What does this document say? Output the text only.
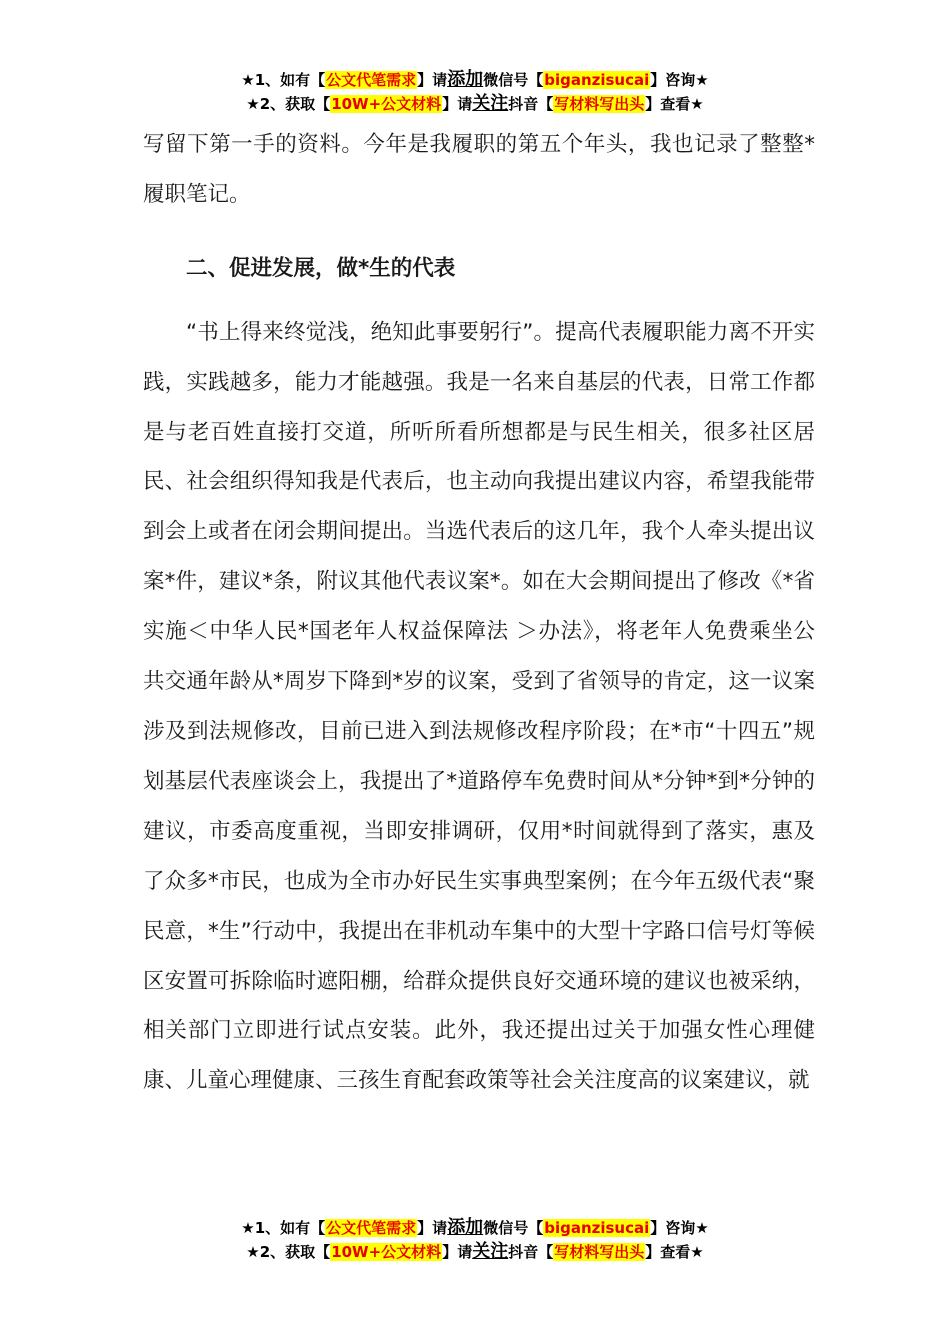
★1、如有【公文代笔需求】请添加微信号【biganzisucai】咨询★
★2、获取【10W+公文材料】请关注抖音【写材料写出头】查看★

写留下第一手的资料。今年是我履职的第五个年头，我也记录了整整*履职笔记。

二、促进发展，做*生的代表

“书上得来终觉浅，绝知此事要躬行”。提高代表履职能力离不开实践，实践越多，能力才能越强。我是一名来自基层的代表，日常工作都是与老百姓直接打交道，所听所看所想都是与民生相关，很多社区居民、社会组织得知我是代表后，也主动向我提出建议内容，希望我能带到会上或者在闭会期间提出。当选代表后的这几年，我个人牵头提出议案*件，建议*条，附议其他代表议案*。如在大会期间提出了修改《*省实施＜中华人民*国老年人权益保障法 ＞办法》，将老年人免费乘坐公共交通年龄从*周岁下降到*岁的议案，受到了省领导的肯定，这一议案涉及到法规修改，目前已进入到法规修改程序阶段；在*市“十四五”规划基层代表座谈会上，我提出了*道路停车免费时间从*分钟*到*分钟的建议，市委高度重视，当即安排调研，仅用*时间就得到了落实，惠及了众多*市民，也成为全市办好民生实事典型案例；在今年五级代表“聚民意，*生”行动中，我提出在非机动车集中的大型十字路口信号灯等候区安置可拆除临时遮阳棚，给群众提供良好交通环境的建议也被采纳，相关部门立即进行试点安装。此外，我还提出过关于加强女性心理健康、儿童心理健康、三孩生育配套政策等社会关注度高的议案建议，就

★1、如有【公文代笔需求】请添加微信号【biganzisucai】咨询★
★2、获取【10W+公文材料】请关注抖音【写材料写出头】查看★
